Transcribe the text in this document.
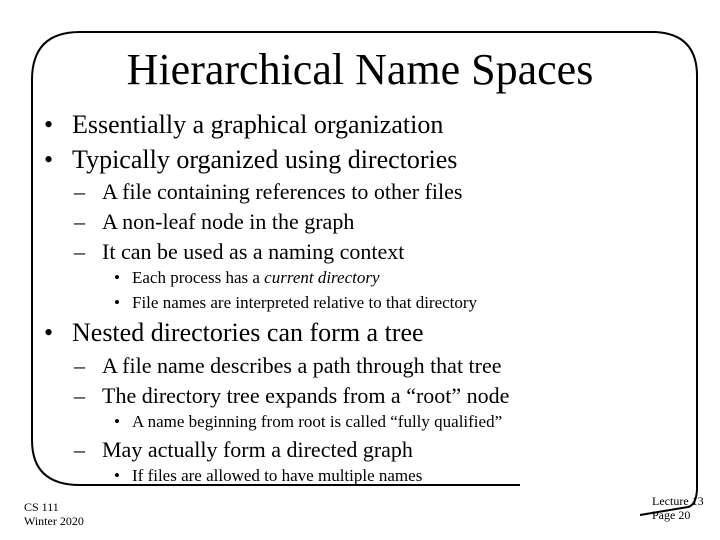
Hierarchical Name Spaces
• Essentially a graphical organization
• Typically organized using directories
– A file containing references to other files
– A non-leaf node in the graph
– It can be used as a naming context
• Each process has a current directory
• File names are interpreted relative to that directory
• Nested directories can form a tree
– A file name describes a path through that tree
– The directory tree expands from a “root” node
• A name beginning from root is called “fully qualified”
– May actually form a directed graph
• If files are allowed to have multiple names
CS 111
Winter 2020
Lecture 13
Page 20
